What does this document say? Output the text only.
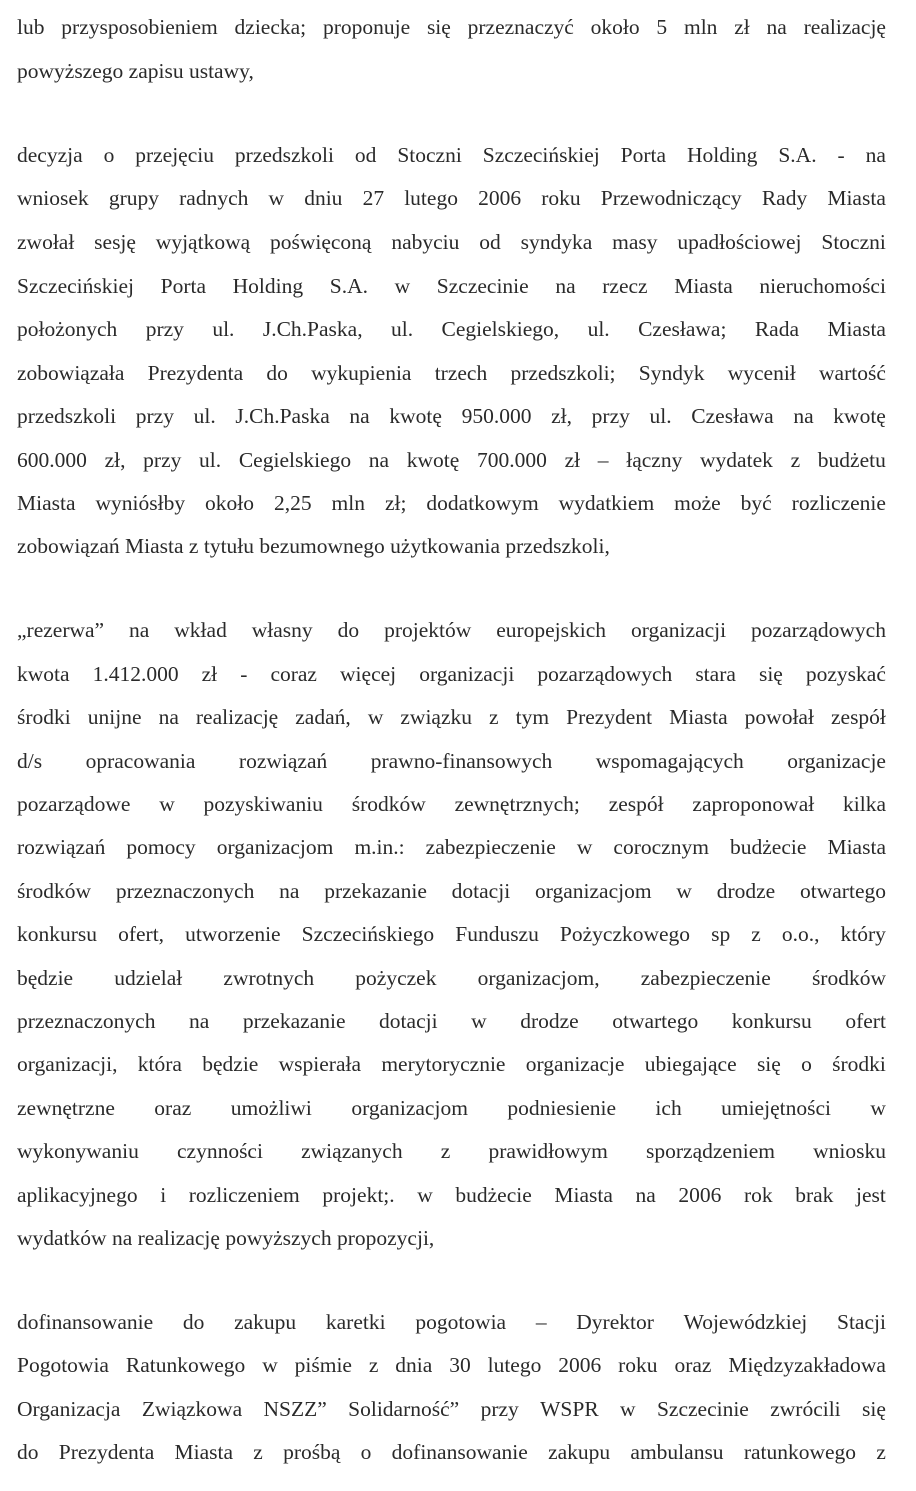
lub przysposobieniem dziecka; proponuje się przeznaczyć około 5 mln zł na realizację
powyższego zapisu ustawy,
decyzja o przejęciu przedszkoli od Stoczni Szczecińskiej Porta Holding S.A. - na
wniosek grupy radnych w dniu 27 lutego 2006 roku Przewodniczący Rady Miasta
zwołał sesję wyjątkową poświęconą nabyciu od syndyka masy upadłościowej Stoczni
Szczecińskiej Porta Holding S.A. w Szczecinie na rzecz Miasta nieruchomości
położonych przy ul. J.Ch.Paska, ul. Cegielskiego, ul. Czesława; Rada Miasta
zobowiązała Prezydenta do wykupienia trzech przedszkoli; Syndyk wycenił wartość
przedszkoli przy ul. J.Ch.Paska na kwotę 950.000 zł, przy ul. Czesława na kwotę
600.000 zł, przy ul. Cegielskiego na kwotę 700.000 zł – łączny wydatek z budżetu
Miasta wyniósłby około 2,25 mln zł; dodatkowym wydatkiem może być rozliczenie
zobowiązań Miasta z tytułu bezumownego użytkowania przedszkoli,
„rezerwa” na wkład własny do projektów europejskich organizacji pozarządowych
kwota 1.412.000 zł - coraz więcej organizacji pozarządowych stara się pozyskać
środki unijne na realizację zadań, w związku z tym Prezydent Miasta powołał zespół
d/s opracowania rozwiązań prawno-finansowych wspomagających organizacje
pozarządowe w pozyskiwaniu środków zewnętrznych; zespół zaproponował kilka
rozwiązań pomocy organizacjom m.in.: zabezpieczenie w corocznym budżecie Miasta
środków przeznaczonych na przekazanie dotacji organizacjom w drodze otwartego
konkursu ofert, utworzenie Szczecińskiego Funduszu Pożyczkowego sp z o.o., który
będzie udzielał zwrotnych pożyczek organizacjom, zabezpieczenie środków
przeznaczonych na przekazanie dotacji w drodze otwartego konkursu ofert
organizacji, która będzie wspierała merytorycznie organizacje ubiegające się o środki
zewnętrzne oraz umożliwi organizacjom podniesienie ich umiejętności w
wykonywaniu czynności związanych z prawidłowym sporządzeniem wniosku
aplikacyjnego i rozliczeniem projekt;. w budżecie Miasta na 2006 rok brak jest
wydatków na realizację powyższych propozycji,
dofinansowanie do zakupu karetki pogotowia – Dyrektor Wojewódzkiej Stacji
Pogotowia Ratunkowego w piśmie z dnia 30 lutego 2006 roku oraz Międzyzakładowa
Organizacja Związkowa NSZZ” Solidarność” przy WSPR w Szczecinie zwrócili się
do Prezydenta Miasta z prośbą o dofinansowanie zakupu ambulansu ratunkowego z
